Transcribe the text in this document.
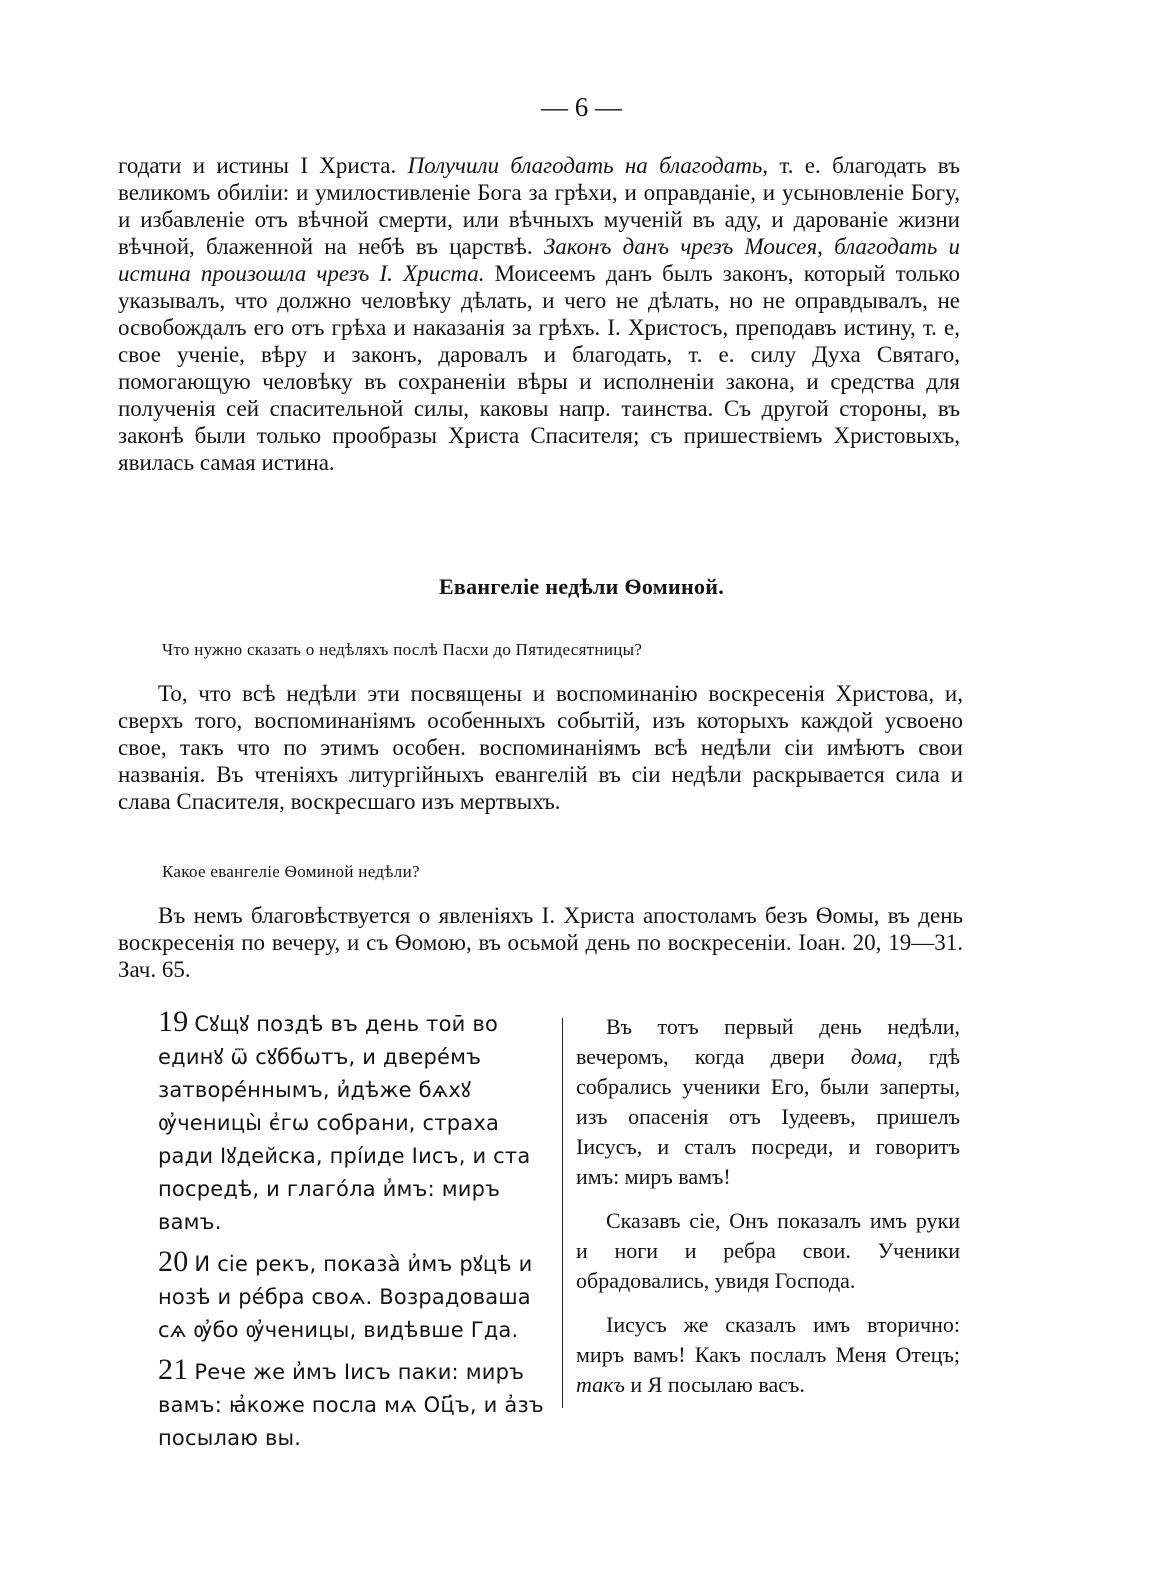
— 6 —
годати и истины I Христа. Получили благодать на благодать, т. е. благодать въ великомъ обиліи: и умилостивленіе Бога за грѣхи, и оправданіе, и усыновленіе Богу, и избавленіе отъ вѣчной смерти, или вѣчныхъ мученій въ аду, и дарованіе жизни вѣчной, блаженной на небѣ въ царствѣ. Законъ данъ чрезъ Моисея, благодать и истина произошла чрезъ I. Христа. Моисеемъ данъ былъ законъ, который только указывалъ, что должно человѣку дѣлать, и чего не дѣлать, но не оправдывалъ, не освобождалъ его отъ грѣха и наказанія за грѣхъ. I. Христосъ, преподавъ истину, т. е, свое ученіе, вѣру и законъ, даровалъ и благодать, т. е. силу Духа Святаго, помогающую человѣку въ сохраненіи вѣры и исполненіи закона, и средства для полученія сей спасительной силы, каковы напр. таинства. Съ другой стороны, въ законѣ были только прообразы Христа Спасителя; съ пришествіемъ Христовыхъ, явилась самая истина.
Евангеліе недѣли Ѳоминой.
Что нужно сказать о недѣляхъ послѣ Пасхи до Пятидесятницы?
То, что всѣ недѣли эти посвящены и воспоминанію воскресенія Христова, и, сверхъ того, воспоминаніямъ особенныхъ событій, изъ которыхъ каждой усвоено свое, такъ что по этимъ особен. воспоминаніямъ всѣ недѣли сіи имѣютъ свои названія. Въ чтеніяхъ литургійныхъ евангелій въ сіи недѣли раскрывается сила и слава Спасителя, воскресшаго изъ мертвыхъ.
Какое евангеліе Ѳоминой недѣли?
Въ немъ благовѣствуется о явленіяхъ I. Христа апостоламъ безъ Ѳомы, въ день воскресенія по вечеру, и съ Ѳомою, въ осьмой день по воскресеніи. Іоан. 20, 19—31. Зач. 65.
19 Сꙋщꙋ поздѣ въ день тоӣ во единꙋ ѿ сꙋббѡтъ, и двере́мъ затворе́ннымъ, и҆дѣже бѧхꙋ ѹ҆ченицы̀ є҆гѡ собрани, страха ради Іꙋдейска, прі́иде Іисъ, и ста посредѣ, и глаго́ла и҆мъ: миръ вамъ.
20 И сіе рекъ, показа̀ и҆мъ рꙋцѣ и нозѣ и ре́бра своѧ. Возрадоваша сѧ ѹ҆бо ѹ҆ченицы, видѣвше Гда.
21 Рече же и҆мъ Іисъ паки: миръ вамъ: ꙗ҆коже посла мѧ Оц҃ъ, и а҆зъ посылаю вы.

Въ тотъ первый день недѣли, вечеромъ, когда двери дома, гдѣ собрались ученики Его, были заперты, изъ опасенія отъ Іудеевъ, пришелъ Іисусъ, и сталъ посреди, и говоритъ имъ: миръ вамъ!

Сказавъ сіе, Онъ показалъ имъ руки и ноги и ребра свои. Ученики обрадовались, увидя Господа.

Іисусъ же сказалъ имъ вторично: миръ вамъ! Какъ послалъ Меня Отецъ; такъ и Я посылаю васъ.
